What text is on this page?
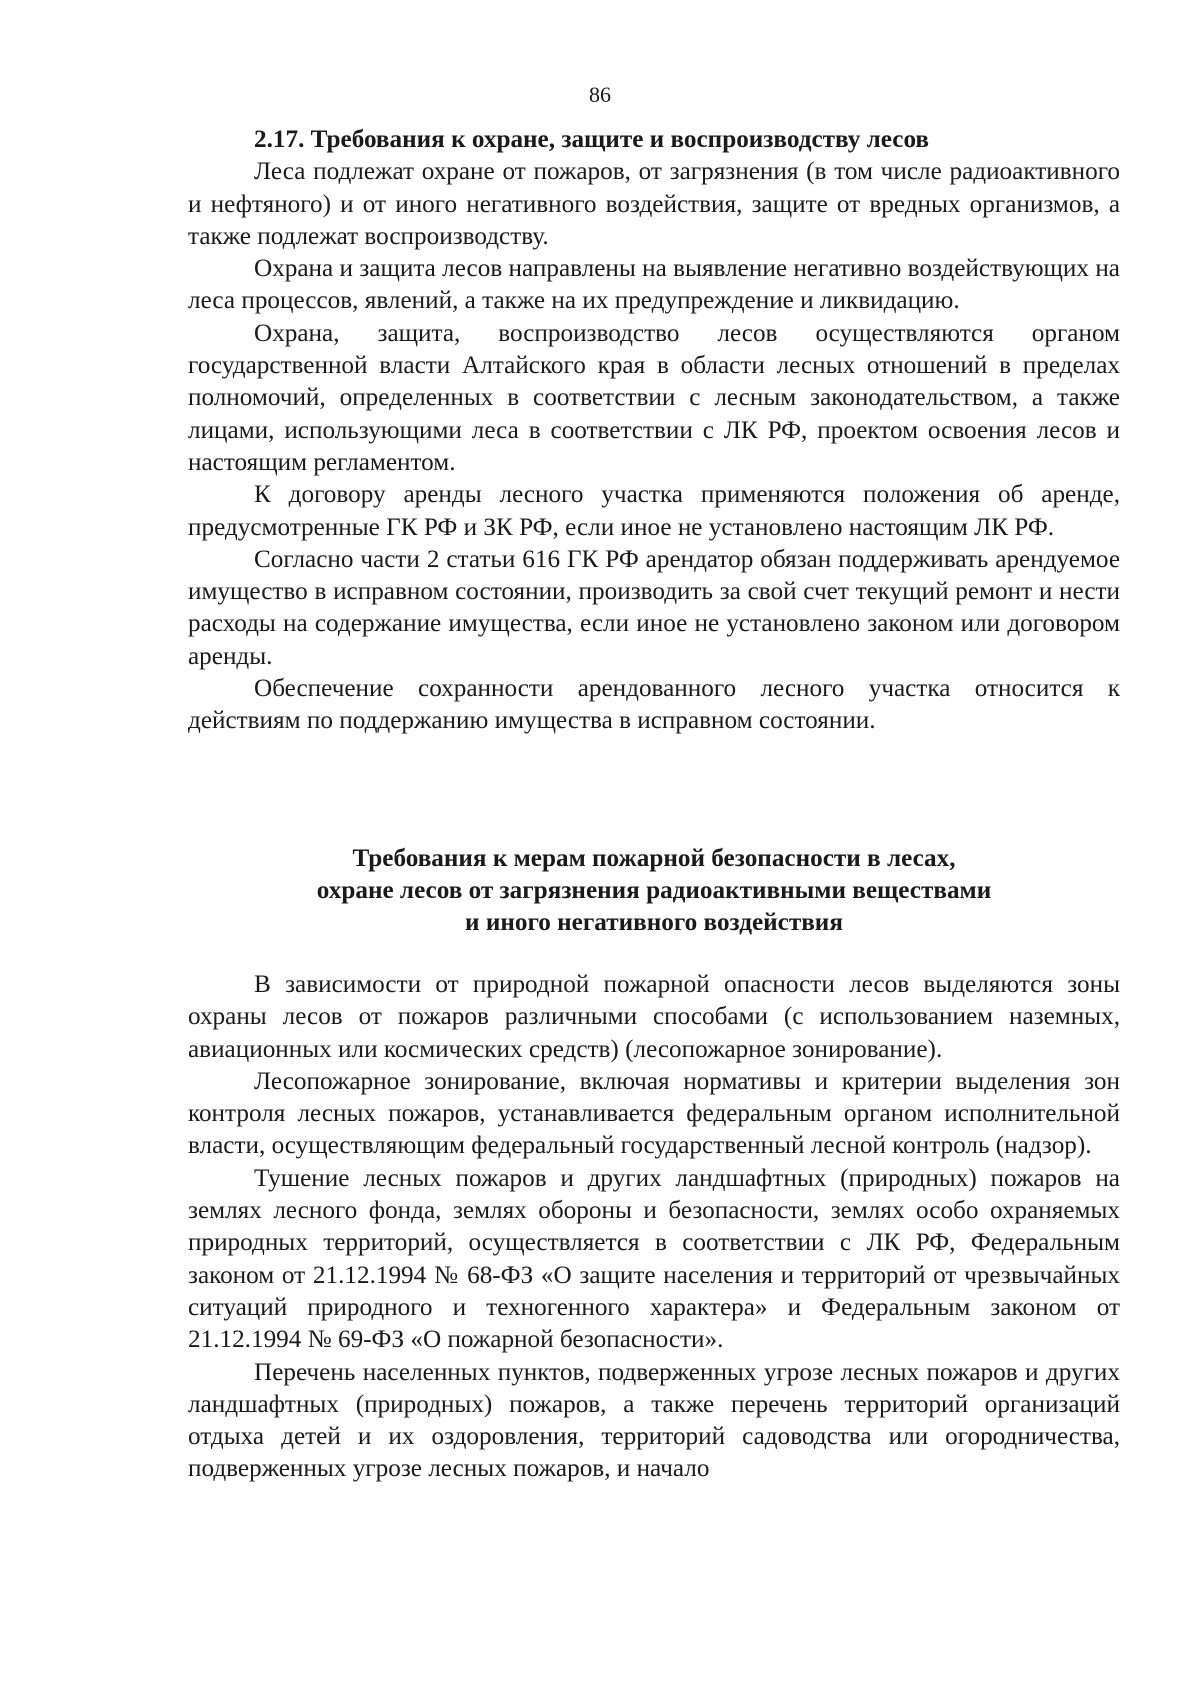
86
2.17. Требования к охране, защите и воспроизводству лесов

Леса подлежат охране от пожаров, от загрязнения (в том числе радиоактивного и нефтяного) и от иного негативного воздействия, защите от вредных организмов, а также подлежат воспроизводству.

Охрана и защита лесов направлены на выявление негативно воздействующих на леса процессов, явлений, а также на их предупреждение и ликвидацию.

Охрана, защита, воспроизводство лесов осуществляются органом государственной власти Алтайского края в области лесных отношений в пределах полномочий, определенных в соответствии с лесным законодательством, а также лицами, использующими леса в соответствии с ЛК РФ, проектом освоения лесов и настоящим регламентом.

К договору аренды лесного участка применяются положения об аренде, предусмотренные ГК РФ и ЗК РФ, если иное не установлено настоящим ЛК РФ.

Согласно части 2 статьи 616 ГК РФ арендатор обязан поддерживать арендуемое имущество в исправном состоянии, производить за свой счет текущий ремонт и нести расходы на содержание имущества, если иное не установлено законом или договором аренды.

Обеспечение сохранности арендованного лесного участка относится к действиям по поддержанию имущества в исправном состоянии.

Требования к мерам пожарной безопасности в лесах,
охране лесов от загрязнения радиоактивными веществами
и иного негативного воздействия

В зависимости от природной пожарной опасности лесов выделяются зоны охраны лесов от пожаров различными способами (с использованием наземных, авиационных или космических средств) (лесопожарное зонирование).

Лесопожарное зонирование, включая нормативы и критерии выделения зон контроля лесных пожаров, устанавливается федеральным органом исполнительной власти, осуществляющим федеральный государственный лесной контроль (надзор).

Тушение лесных пожаров и других ландшафтных (природных) пожаров на землях лесного фонда, землях обороны и безопасности, землях особо охраняемых природных территорий, осуществляется в соответствии с ЛК РФ, Федеральным законом от 21.12.1994 № 68-ФЗ «О защите населения и территорий от чрезвычайных ситуаций природного и техногенного характера» и Федеральным законом от 21.12.1994 № 69-ФЗ «О пожарной безопасности».

Перечень населенных пунктов, подверженных угрозе лесных пожаров и других ландшафтных (природных) пожаров, а также перечень территорий организаций отдыха детей и их оздоровления, территорий садоводства или огородничества, подверженных угрозе лесных пожаров, и начало
